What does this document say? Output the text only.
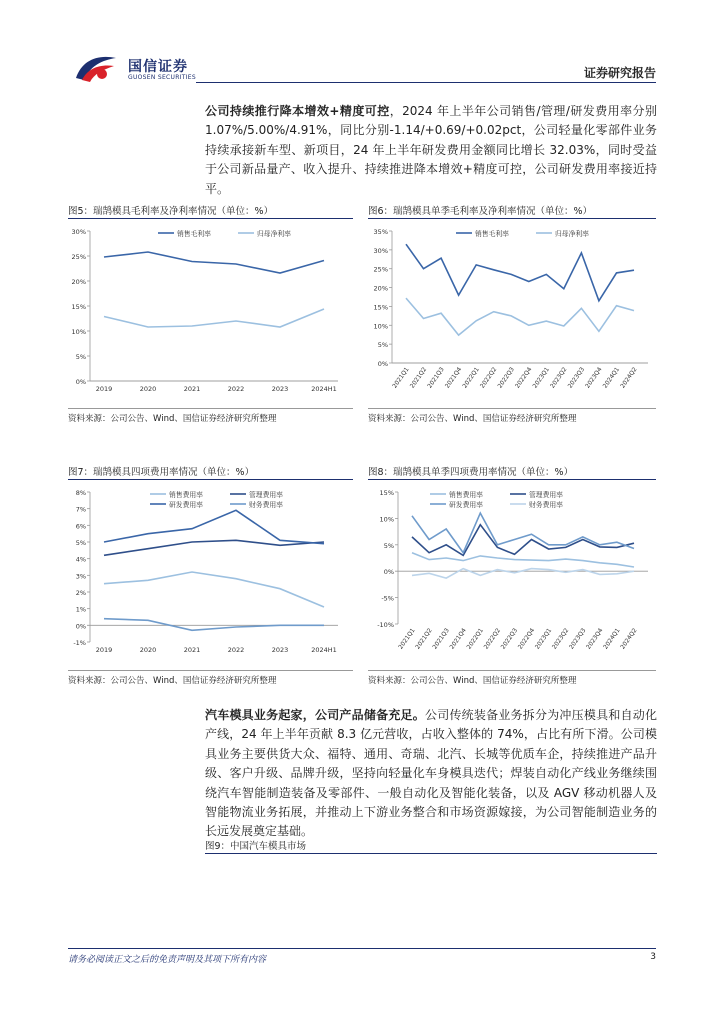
国信证券
GUOSEN SECURITIES	证券研究报告
公司持续推行降本增效+精度可控，2024 年上半年公司销售/管理/研发费用率分别 1.07%/5.00%/4.91%，同比分别-1.14/+0.69/+0.02pct，公司轻量化零部件业务持续承接新车型、新项目，24 年上半年研发费用金额同比增长 32.03%，同时受益于公司新品量产、收入提升、持续推进降本增效+精度可控，公司研发费用率接近持平。
图5：瑞鹄模具毛利率及净利率情况（单位：%）
0%
5%
10%
15%
20%
25%
30%
2019	2020	2021	2022	2023	2024H1
销售毛利率	归母净利率
资料来源：公司公告、Wind、国信证券经济研究所整理
图6：瑞鹄模具单季毛利率及净利率情况（单位：%）
0%
5%
10%
15%
20%
25%
30%
35%
2021Q1
2021Q2
2021Q3
2021Q4
2022Q1
2022Q2
2022Q3
2022Q4
2023Q1
2023Q2
2023Q3
2023Q4
2024Q1
2024Q2
销售毛利率	归母净利率
资料来源：公司公告、Wind、国信证券经济研究所整理
图7：瑞鹄模具四项费用率情况（单位：%）
-1%
0%
1%
2%
3%
4%
5%
6%
7%
8%
2019	2020	2021	2022	2023	2024H1
销售费用率	管理费用率
研发费用率	财务费用率
资料来源：公司公告、Wind、国信证券经济研究所整理
图8：瑞鹄模具单季四项费用率情况（单位：%）
-10%
-5%
0%
5%
10%
15%
2021Q1
2021Q2
2021Q3
2021Q4
2022Q1
2022Q2
2022Q3
2022Q4
2023Q1
2023Q2
2023Q3
2023Q4
2024Q1
2024Q2
销售费用率	管理费用率
研发费用率	财务费用率
资料来源：公司公告、Wind、国信证券经济研究所整理
汽车模具业务起家，公司产品储备充足。公司传统装备业务拆分为冲压模具和自动化产线，24 年上半年贡献 8.3 亿元营收，占收入整体的 74%，占比有所下滑。公司模具业务主要供货大众、福特、通用、奇瑞、北汽、长城等优质车企，持续推进产品升级、客户升级、品牌升级，坚持向轻量化车身模具迭代；焊装自动化产线业务继续围绕汽车智能制造装备及零部件、一般自动化及智能化装备，以及 AGV 移动机器人及智能物流业务拓展，并推动上下游业务整合和市场资源嫁接，为公司智能制造业务的长远发展奠定基础。
图9：中国汽车模具市场
请务必阅读正文之后的免责声明及其项下所有内容	3
